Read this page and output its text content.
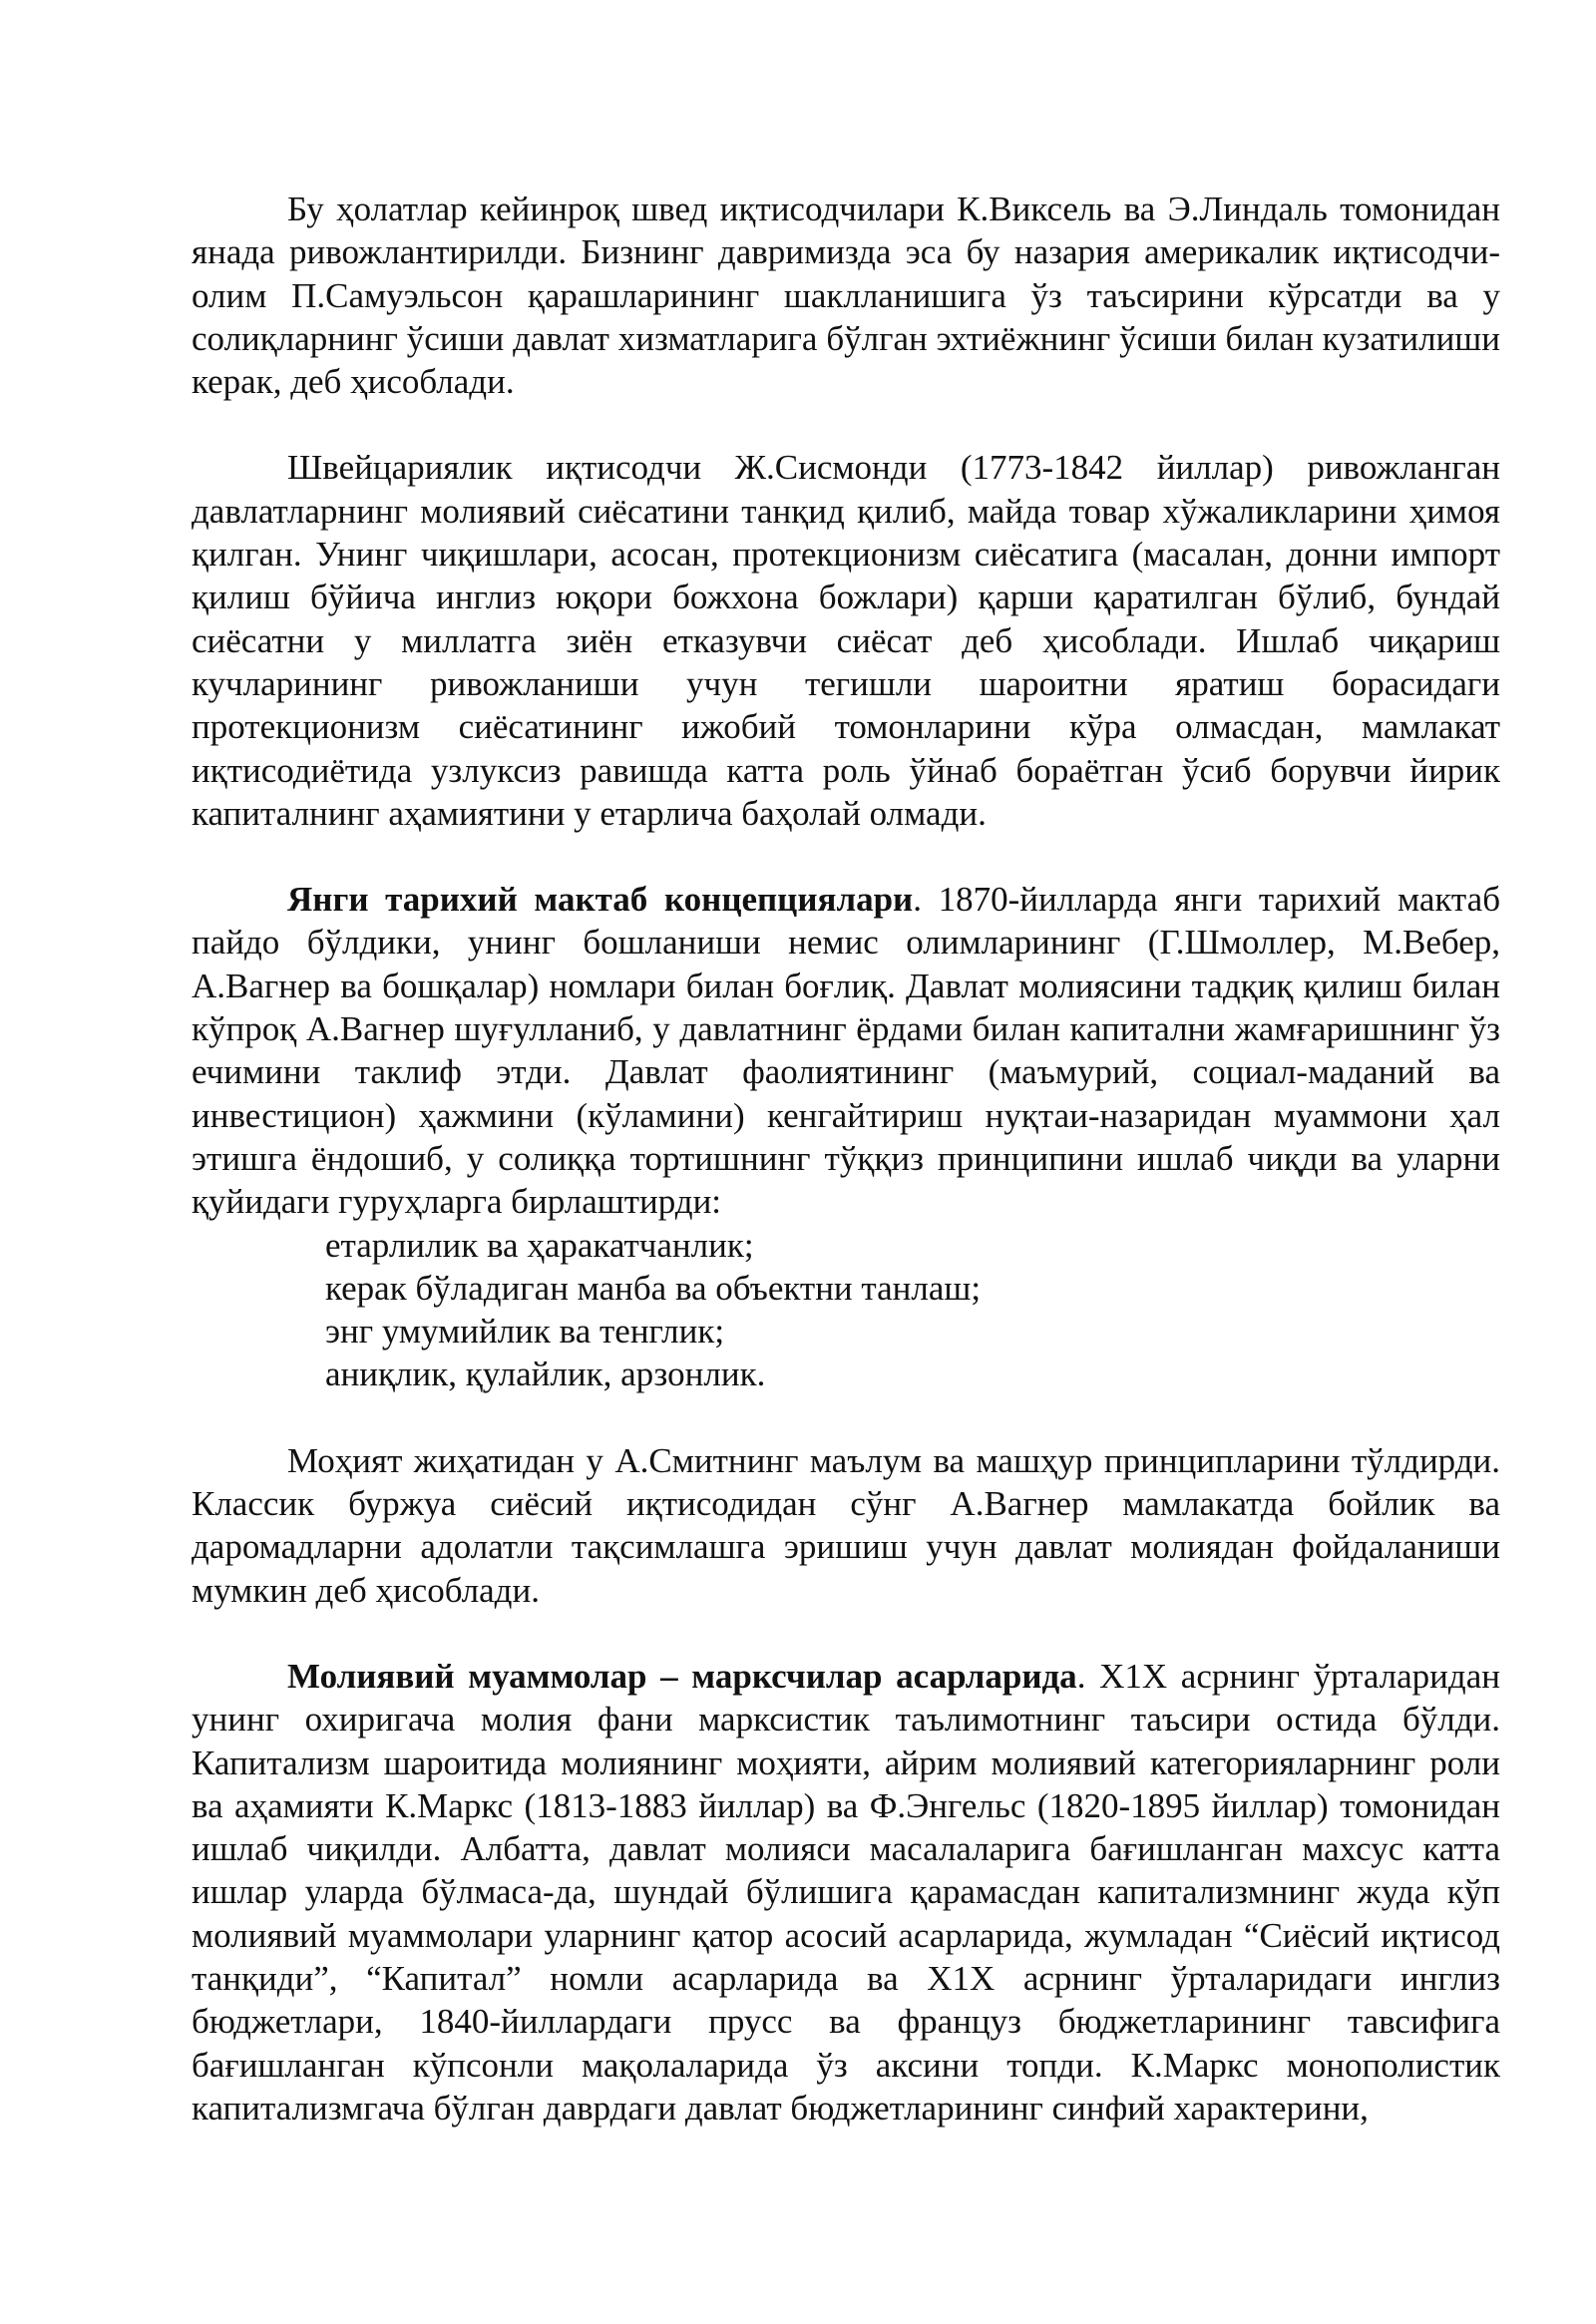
Бу ҳолатлар кейинроқ швед иқтисодчилари К.Виксель ва Э.Линдаль томонидан янада ривожлантирилди. Бизнинг давримизда эса бу назария америкалик иқтисодчи-олим П.Самуэльсон қарашларининг шаклланишига ўз таъсирини кўрсатди ва у солиқларнинг ўсиши давлат хизматларига бўлган эхтиёжнинг ўсиши билан кузатилиши керак, деб ҳисоблади.

Швейцариялик иқтисодчи Ж.Сисмонди (1773-1842 йиллар) ривожланган давлатларнинг молиявий сиёсатини танқид қилиб, майда товар хўжаликларини ҳимоя қилган. Унинг чиқишлари, асосан, протекционизм сиёсатига (масалан, донни импорт қилиш бўйича инглиз юқори божхона божлари) қарши қаратилган бўлиб, бундай сиёсатни у миллатга зиён етказувчи сиёсат деб ҳисоблади. Ишлаб чиқариш кучларининг ривожланиши учун тегишли шароитни яратиш борасидаги протекционизм сиёсатининг ижобий томонларини кўра олмасдан, мамлакат иқтисодиётида узлуксиз равишда катта роль ўйнаб бораётган ўсиб борувчи йирик капиталнинг аҳамиятини у етарлича баҳолай олмади.

Янги тарихий мактаб концепциялари. 1870-йилларда янги тарихий мактаб пайдо бўлдики, унинг бошланиши немис олимларининг (Г.Шмоллер, М.Вебер, А.Вагнер ва бошқалар) номлари билан боғлиқ. Давлат молиясини тадқиқ қилиш билан кўпроқ А.Вагнер шуғулланиб, у давлатнинг ёрдами билан капитални жамғаришнинг ўз ечимини таклиф этди. Давлат фаолиятининг (маъмурий, социал-маданий ва инвестицион) ҳажмини (кўламини) кенгайтириш нуқтаи-назаридан муаммони ҳал этишга ёндошиб, у солиққа тортишнинг тўққиз принципини ишлаб чиқди ва уларни қуйидаги гуруҳларга бирлаштирди:

етарлилик ва ҳаракатчанлик;
керак бўладиган манба ва объектни танлаш;
энг умумийлик ва тенглик;
аниқлик, қулайлик, арзонлик.

Моҳият жиҳатидан у А.Смитнинг маълум ва машҳур принципларини тўлдирди. Классик буржуа сиёсий иқтисодидан сўнг А.Вагнер мамлакатда бойлик ва даромадларни адолатли тақсимлашга эришиш учун давлат молиядан фойдаланиши мумкин деб ҳисоблади.

Молиявий муаммолар – марксчилар асарларида. X1X асрнинг ўрталаридан унинг охиригача молия фани марксистик таълимотнинг таъсири остида бўлди. Капитализм шароитида молиянинг моҳияти, айрим молиявий категорияларнинг роли ва аҳамияти К.Маркс (1813-1883 йиллар) ва Ф.Энгельс (1820-1895 йиллар) томонидан ишлаб чиқилди. Албатта, давлат молияси масалаларига бағишланган махсус катта ишлар уларда бўлмаса-да, шундай бўлишига қарамасдан капитализмнинг жуда кўп молиявий муаммолари уларнинг қатор асосий асарларида, жумладан “Сиёсий иқтисод танқиди”, “Капитал” номли асарларида ва X1X асрнинг ўрталаридаги инглиз бюджетлари, 1840-йиллардаги прусс ва француз бюджетларининг тавсифига бағишланган кўпсонли мақолаларида ўз аксини топди. К.Маркс монополистик капитализмгача бўлган даврдаги давлат бюджетларининг синфий характерини,
